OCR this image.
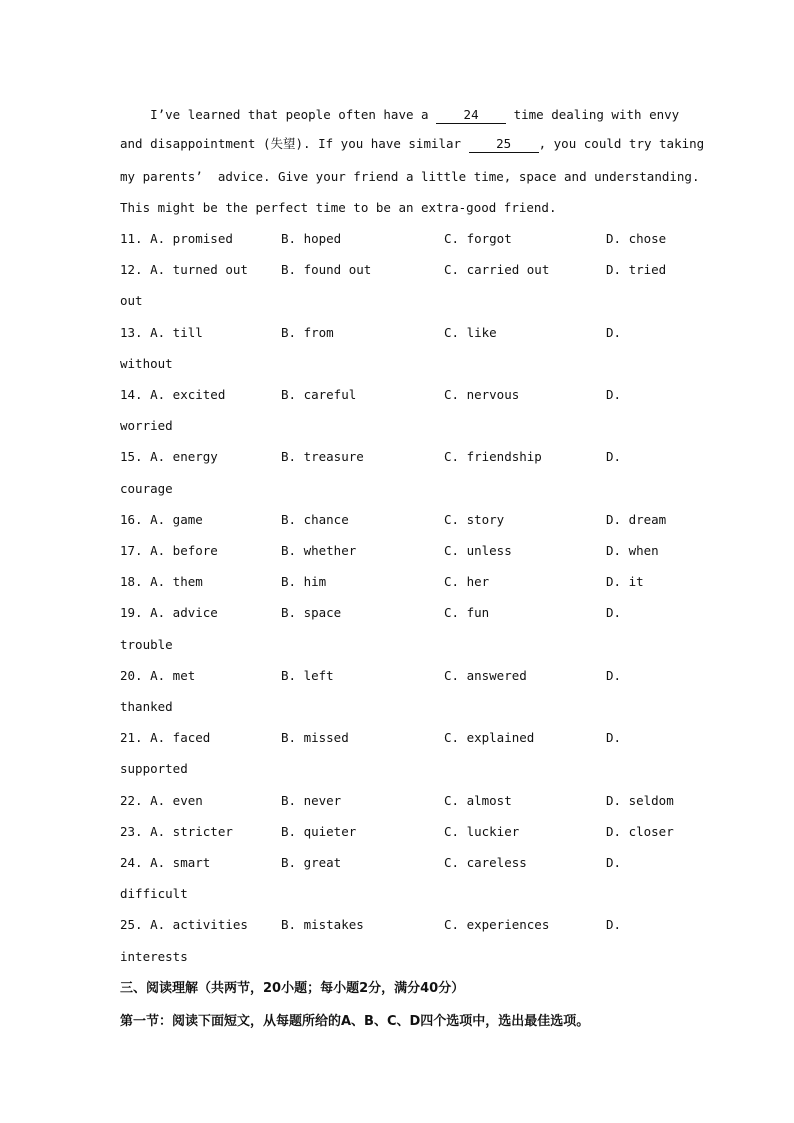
I’ve learned that people often have a 24 time dealing with envy
and disappointment (失望). If you have similar 25 , you could try taking
my parents’  advice. Give your friend a little time, space and understanding.
This might be the perfect time to be an extra-good friend.
11. A. promised	B. hoped	C. forgot	D. chose
12. A. turned out	B. found out	C. carried out	D. tried
out
13. A. till	B. from	C. like	D.
without
14. A. excited	B. careful	C. nervous	D.
worried
15. A. energy	B. treasure	C. friendship	D.
courage
16. A. game	B. chance	C. story	D. dream
17. A. before	B. whether	C. unless	D. when
18. A. them	B. him	C. her	D. it
19. A. advice	B. space	C. fun	D.
trouble
20. A. met	B. left	C. answered	D.
thanked
21. A. faced	B. missed	C. explained	D.
supported
22. A. even	B. never	C. almost	D. seldom
23. A. stricter	B. quieter	C. luckier	D. closer
24. A. smart	B. great	C. careless	D.
difficult
25. A. activities	B. mistakes	C. experiences	D.
interests
三、阅读理解（共两节，20小题；每小题2分，满分40分）
第一节：阅读下面短文，从每题所给的A、B、C、D四个选项中，选出最佳选项。
